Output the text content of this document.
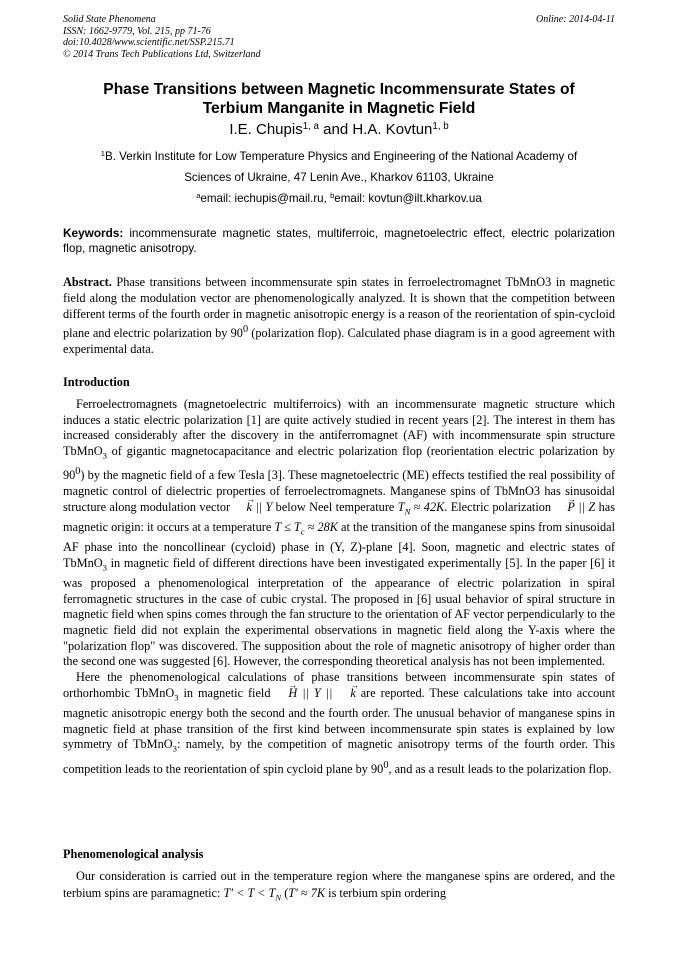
Solid State Phenomena
ISSN: 1662-9779, Vol. 215, pp 71-76
doi:10.4028/www.scientific.net/SSP.215.71
© 2014 Trans Tech Publications Ltd, Switzerland
Online: 2014-04-11
Phase Transitions between Magnetic Incommensurate States of
Terbium Manganite in Magnetic Field
I.E. Chupis$^{1, a}$ and H.A. Kovtun$^{1, b}$
$^1$B. Verkin Institute for Low Temperature Physics and Engineering of the National Academy of
Sciences of Ukraine, 47 Lenin Ave., Kharkov 61103, Ukraine
$^a$email: iechupis@mail.ru, $^b$email: kovtun@ilt.kharkov.ua
Keywords: incommensurate magnetic states, multiferroic, magnetoelectric effect, electric polarization flop, magnetic anisotropy.
Abstract. Phase transitions between incommensurate spin states in ferroelectromagnet TbMnO3 in magnetic field along the modulation vector are phenomenologically analyzed. It is shown that the competition between different terms of the fourth order in magnetic anisotropic energy is a reason of the reorientation of spin-cycloid plane and electric polarization by $90^0$ (polarization flop). Calculated phase diagram is in a good agreement with experimental data.
Introduction

Ferroelectromagnets (magnetoelectric multiferroics) with an incommensurate magnetic structure which induces a static electric polarization [1] are quite actively studied in recent years [2]. The interest in them has increased considerably after the discovery in the antiferromagnet (AF) with incommensurate spin structure TbMnO$_3$ of gigantic magnetocapacitance and electric polarization flop (reorientation electric polarization by $90^0$) by the magnetic field of a few Tesla [3]. These magnetoelectric (ME) effects testified the real possibility of magnetic control of dielectric properties of ferroelectromagnets. Manganese spins of TbMnO3 has sinusoidal structure along modulation vector → k || Y below Neel temperature $T_N \approx 42K$. Electric polarization → P || Z has magnetic origin: it occurs at a temperature $T \le T_c \approx 28K$ at the transition of the manganese spins from sinusoidal AF phase into the noncollinear (cycloid) phase in (Y, Z)-plane [4]. Soon, magnetic and electric states of TbMnO$_3$ in magnetic field of different directions have been investigated experimentally [5]. In the paper [6] it was proposed a phenomenological interpretation of the appearance of electric polarization in spiral ferromagnetic structures in the case of cubic crystal. The proposed in [6] usual behavior of spiral structure in magnetic field when spins comes through the fan structure to the orientation of AF vector perpendicularly to the magnetic field did not explain the experimental observations in magnetic field along the Y-axis where the "polarization flop" was discovered. The supposition about the role of magnetic anisotropy of higher order than the second one was suggested [6]. However, the corresponding theoretical analysis has not been implemented.

Here the phenomenological calculations of phase transitions between incommensurate spin states of orthorhombic TbMnO$_3$ in magnetic field → H || Y || → k are reported. These calculations take into account magnetic anisotropic energy both the second and the fourth order. The unusual behavior of manganese spins in magnetic field at phase transition of the first kind between incommensurate spin states is explained by low symmetry of TbMnO$_3$: namely, by the competition of magnetic anisotropy terms of the fourth order. This competition leads to the reorientation of spin cycloid plane by $90^0$, and as a result leads to the polarization flop.

Phenomenological analysis

Our consideration is carried out in the temperature region where the manganese spins are ordered, and the terbium spins are paramagnetic: $T' < T < T_N$ (T′ ≈ 7K is terbium spin ordering
